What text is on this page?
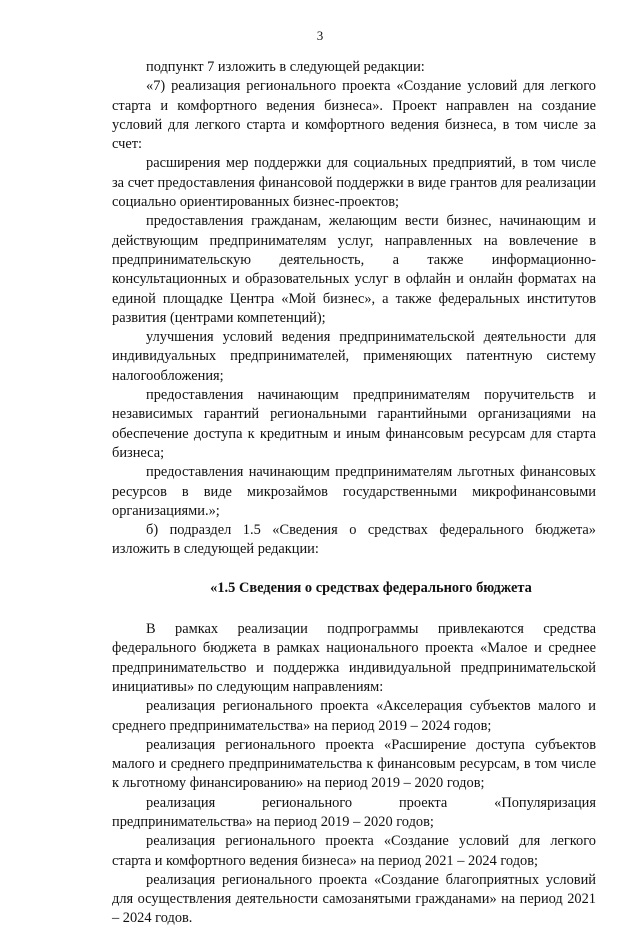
3

подпункт 7 изложить в следующей редакции:

«7) реализация регионального проекта «Создание условий для легкого старта и комфортного ведения бизнеса». Проект направлен на создание условий для легкого старта и комфортного ведения бизнеса, в том числе за счет:

расширения мер поддержки для социальных предприятий, в том числе за счет предоставления финансовой поддержки в виде грантов для реализации социально ориентированных бизнес-проектов;

предоставления гражданам, желающим вести бизнес, начинающим и действующим предпринимателям услуг, направленных на вовлечение в предпринимательскую деятельность, а также информационно-консультационных и образовательных услуг в офлайн и онлайн форматах на единой площадке Центра «Мой бизнес», а также федеральных институтов развития (центрами компетенций);

улучшения условий ведения предпринимательской деятельности для индивидуальных предпринимателей, применяющих патентную систему налогообложения;

предоставления начинающим предпринимателям поручительств и независимых гарантий региональными гарантийными организациями на обеспечение доступа к кредитным и иным финансовым ресурсам для старта бизнеса;

предоставления начинающим предпринимателям льготных финансовых ресурсов в виде микрозаймов государственными микрофинансовыми организациями.»;

б) подраздел 1.5 «Сведения о средствах федерального бюджета» изложить в следующей редакции:

«1.5 Сведения о средствах федерального бюджета

В рамках реализации подпрограммы привлекаются средства федерального бюджета в рамках национального проекта «Малое и среднее предпринимательство и поддержка индивидуальной предпринимательской инициативы» по следующим направлениям:

реализация регионального проекта «Акселерация субъектов малого и среднего предпринимательства» на период 2019 – 2024 годов;

реализация регионального проекта «Расширение доступа субъектов малого и среднего предпринимательства к финансовым ресурсам, в том числе к льготному финансированию» на период 2019 – 2020 годов;

реализация регионального проекта «Популяризация предпринимательства» на период 2019 – 2020 годов;

реализация регионального проекта «Создание условий для легкого старта и комфортного ведения бизнеса» на период 2021 – 2024 годов;

реализация регионального проекта «Создание благоприятных условий для осуществления деятельности самозанятыми гражданами» на период 2021 – 2024 годов.
